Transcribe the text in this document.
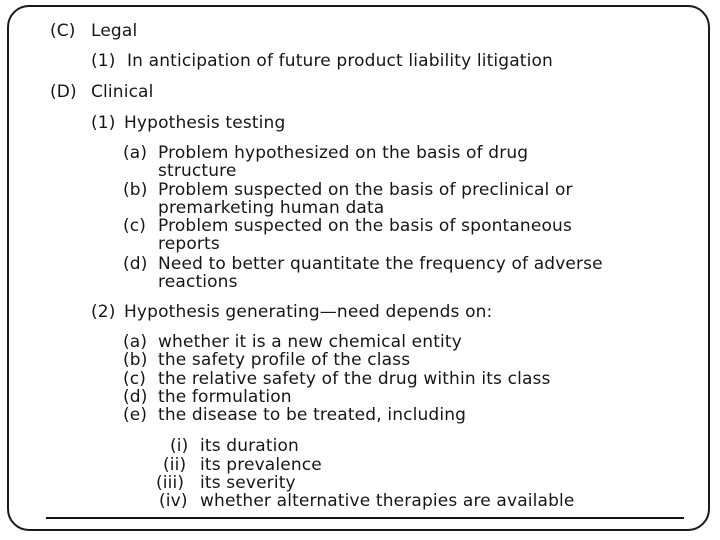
(C) Legal
(1) In anticipation of future product liability litigation
(D) Clinical
(1) Hypothesis testing
(a) Problem hypothesized on the basis of drug
structure
(b) Problem suspected on the basis of preclinical or
premarketing human data
(c) Problem suspected on the basis of spontaneous
reports
(d) Need to better quantitate the frequency of adverse
reactions
(2) Hypothesis generating—need depends on:
(a) whether it is a new chemical entity
(b) the safety profile of the class
(c) the relative safety of the drug within its class
(d) the formulation
(e) the disease to be treated, including
(i) its duration
(ii) its prevalence
(iii) its severity
(iv) whether alternative therapies are available
